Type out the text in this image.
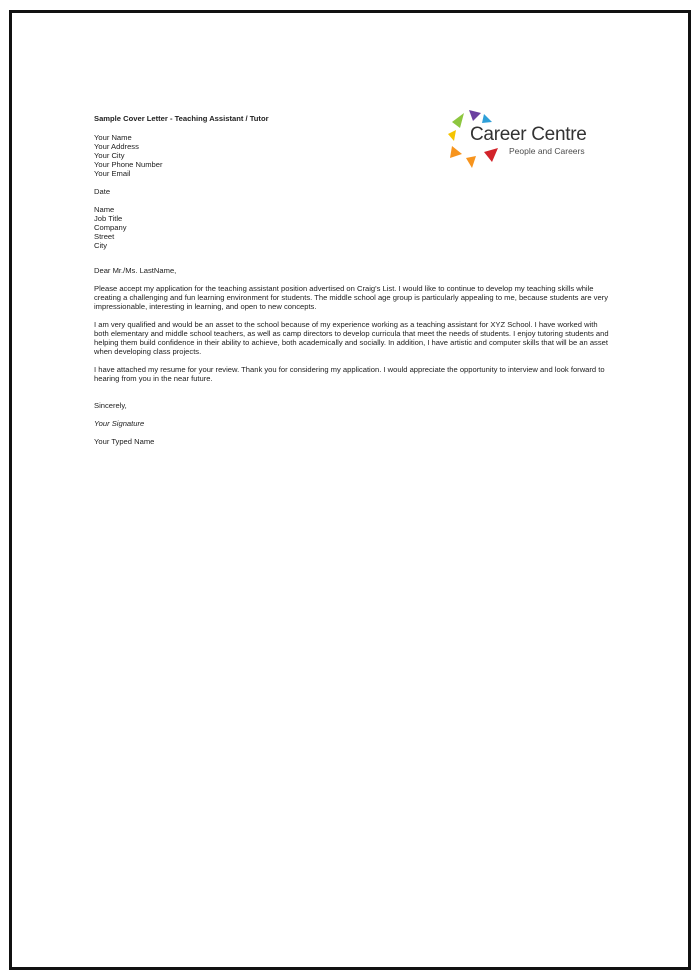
Career Centre
People and Careers
Sample Cover Letter - Teaching Assistant / Tutor
Your Name
Your Address
Your City
Your Phone Number
Your Email
Date
Name
Job Title
Company
Street
City
Dear Mr./Ms. LastName,

Please accept my application for the teaching assistant position advertised on Craig's List. I would like to continue to develop my teaching skills while creating a challenging and fun learning environment for students. The middle school age group is particularly appealing to me, because students are very impressionable, interesting in learning, and open to new concepts.

I am very qualified and would be an asset to the school because of my experience working as a teaching assistant for XYZ School. I have worked with both elementary and middle school teachers, as well as camp directors to develop curricula that meet the needs of students. I enjoy tutoring students and helping them build confidence in their ability to achieve, both academically and socially. In addition, I have artistic and computer skills that will be an asset when developing class projects.

I have attached my resume for your review. Thank you for considering my application. I would appreciate the opportunity to interview and look forward to hearing from you in the near future.

Sincerely,
Your Signature
Your Typed Name
